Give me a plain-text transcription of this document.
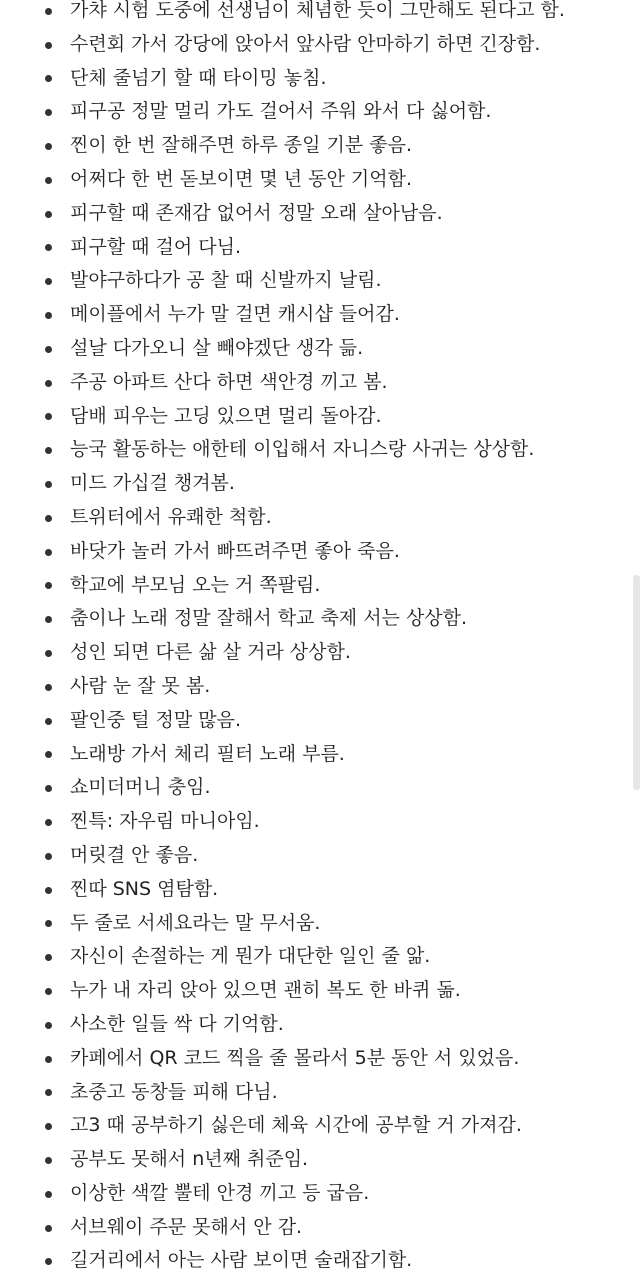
가챠 시험 도중에 선생님이 체념한 듯이 그만해도 된다고 함.
수련회 가서 강당에 앉아서 앞사람 안마하기 하면 긴장함.
단체 줄넘기 할 때 타이밍 놓침.
피구공 정말 멀리 가도 걸어서 주워 와서 다 싫어함.
찐이 한 번 잘해주면 하루 종일 기분 좋음.
어쩌다 한 번 돋보이면 몇 년 동안 기억함.
피구할 때 존재감 없어서 정말 오래 살아남음.
피구할 때 걸어 다님.
발야구하다가 공 찰 때 신발까지 날림.
메이플에서 누가 말 걸면 캐시샵 들어감.
설날 다가오니 살 빼야겠단 생각 듦.
주공 아파트 산다 하면 색안경 끼고 봄.
담배 피우는 고딩 있으면 멀리 돌아감.
능국 활동하는 애한테 이입해서 자니스랑 사귀는 상상함.
미드 가십걸 챙겨봄.
트위터에서 유쾌한 척함.
바닷가 놀러 가서 빠뜨려주면 좋아 죽음.
학교에 부모님 오는 거 쪽팔림.
춤이나 노래 정말 잘해서 학교 축제 서는 상상함.
성인 되면 다른 삶 살 거라 상상함.
사람 눈 잘 못 봄.
팔인중 털 정말 많음.
노래방 가서 체리 필터 노래 부름.
쇼미더머니 충임.
찐특: 자우림 마니아임.
머릿결 안 좋음.
찐따 SNS 염탐함.
두 줄로 서세요라는 말 무서움.
자신이 손절하는 게 뭔가 대단한 일인 줄 앎.
누가 내 자리 앉아 있으면 괜히 복도 한 바퀴 돎.
사소한 일들 싹 다 기억함.
카페에서 QR 코드 찍을 줄 몰라서 5분 동안 서 있었음.
초중고 동창들 피해 다님.
고3 때 공부하기 싫은데 체육 시간에 공부할 거 가져감.
공부도 못해서 n년째 취준임.
이상한 색깔 뿔테 안경 끼고 등 굽음.
서브웨이 주문 못해서 안 감.
길거리에서 아는 사람 보이면 술래잡기함.
